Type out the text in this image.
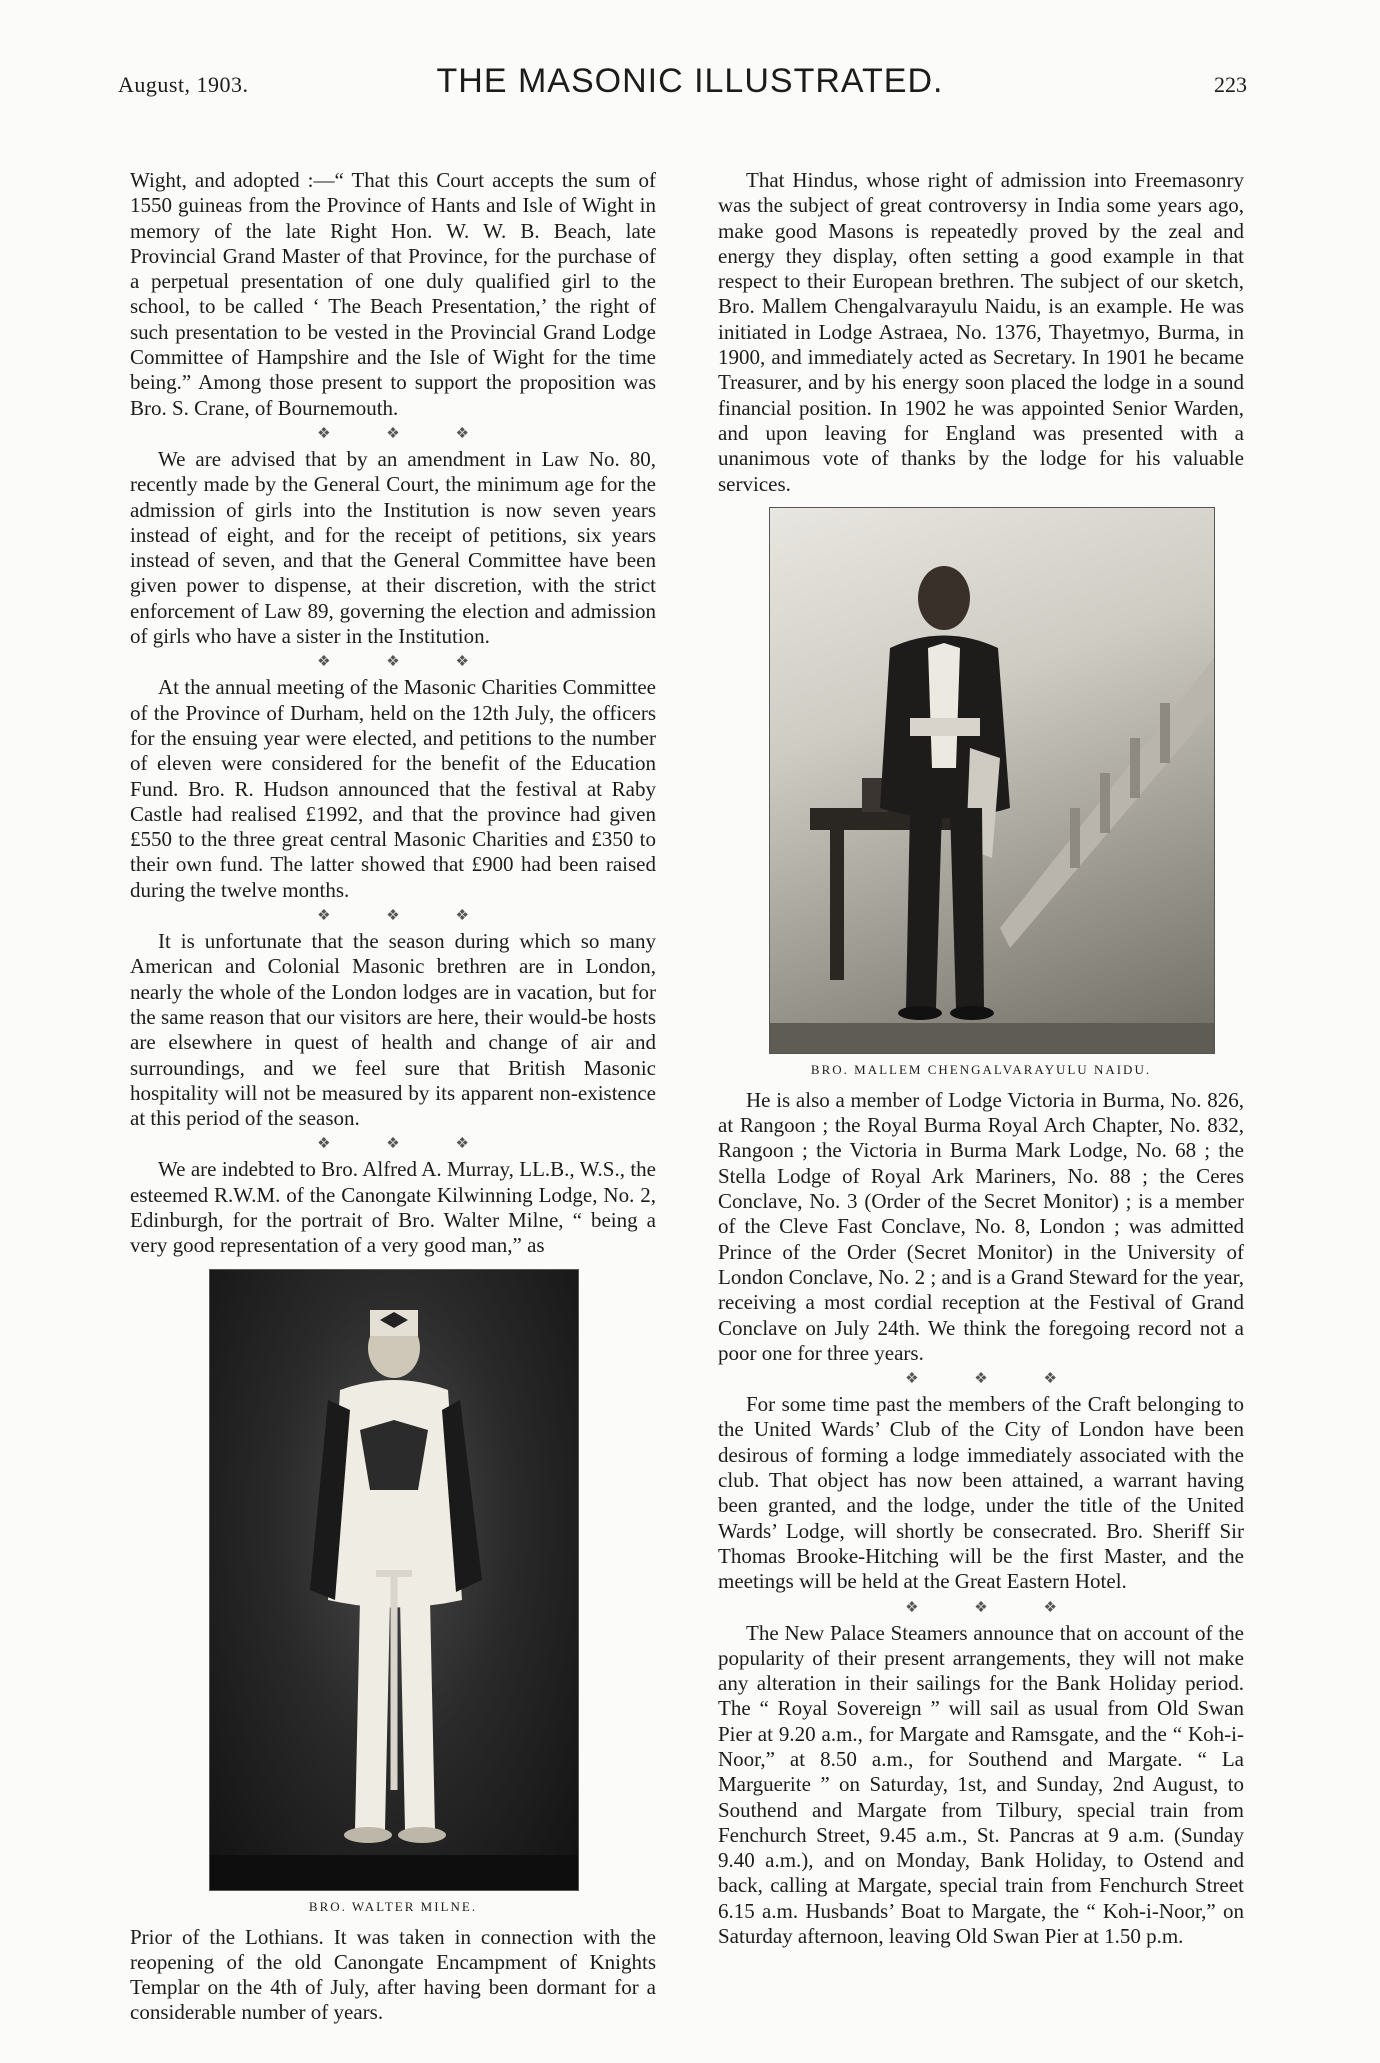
August, 1903.	THE MASONIC ILLUSTRATED.	223

Wight, and adopted :—“ That this Court accepts the sum of 1550 guineas from the Province of Hants and Isle of Wight in memory of the late Right Hon. W. W. B. Beach, late Provincial Grand Master of that Province, for the purchase of a perpetual presentation of one duly qualified girl to the school, to be called ‘ The Beach Presentation,’ the right of such presentation to be vested in the Provincial Grand Lodge Committee of Hampshire and the Isle of Wight for the time being.” Among those present to support the proposition was Bro. S. Crane, of Bournemouth.

❖ ❖ ❖

We are advised that by an amendment in Law No. 80, recently made by the General Court, the minimum age for the admission of girls into the Institution is now seven years instead of eight, and for the receipt of petitions, six years instead of seven, and that the General Committee have been given power to dispense, at their discretion, with the strict enforcement of Law 89, governing the election and admission of girls who have a sister in the Institution.

❖ ❖ ❖

At the annual meeting of the Masonic Charities Committee of the Province of Durham, held on the 12th July, the officers for the ensuing year were elected, and petitions to the number of eleven were considered for the benefit of the Education Fund. Bro. R. Hudson announced that the festival at Raby Castle had realised £1992, and that the province had given £550 to the three great central Masonic Charities and £350 to their own fund. The latter showed that £900 had been raised during the twelve months.

❖ ❖ ❖

It is unfortunate that the season during which so many American and Colonial Masonic brethren are in London, nearly the whole of the London lodges are in vacation, but for the same reason that our visitors are here, their would-be hosts are elsewhere in quest of health and change of air and surroundings, and we feel sure that British Masonic hospitality will not be measured by its apparent non-existence at this period of the season.

❖ ❖ ❖

We are indebted to Bro. Alfred A. Murray, LL.B., W.S., the esteemed R.W.M. of the Canongate Kilwinning Lodge, No. 2, Edinburgh, for the portrait of Bro. Walter Milne, “ being a very good representation of a very good man,” as

BRO. WALTER MILNE.

Prior of the Lothians. It was taken in connection with the reopening of the old Canongate Encampment of Knights Templar on the 4th of July, after having been dormant for a considerable number of years.

That Hindus, whose right of admission into Freemasonry was the subject of great controversy in India some years ago, make good Masons is repeatedly proved by the zeal and energy they display, often setting a good example in that respect to their European brethren. The subject of our sketch, Bro. Mallem Chengalvarayulu Naidu, is an example. He was initiated in Lodge Astraea, No. 1376, Thayetmyo, Burma, in 1900, and immediately acted as Secretary. In 1901 he became Treasurer, and by his energy soon placed the lodge in a sound financial position. In 1902 he was appointed Senior Warden, and upon leaving for England was presented with a unanimous vote of thanks by the lodge for his valuable services.

BRO. MALLEM CHENGALVARAYULU NAIDU.

He is also a member of Lodge Victoria in Burma, No. 826, at Rangoon ; the Royal Burma Royal Arch Chapter, No. 832, Rangoon ; the Victoria in Burma Mark Lodge, No. 68 ; the Stella Lodge of Royal Ark Mariners, No. 88 ; the Ceres Conclave, No. 3 (Order of the Secret Monitor) ; is a member of the Cleve Fast Conclave, No. 8, London ; was admitted Prince of the Order (Secret Monitor) in the University of London Conclave, No. 2 ; and is a Grand Steward for the year, receiving a most cordial reception at the Festival of Grand Conclave on July 24th. We think the foregoing record not a poor one for three years.

❖ ❖ ❖

For some time past the members of the Craft belonging to the United Wards’ Club of the City of London have been desirous of forming a lodge immediately associated with the club. That object has now been attained, a warrant having been granted, and the lodge, under the title of the United Wards’ Lodge, will shortly be consecrated. Bro. Sheriff Sir Thomas Brooke-Hitching will be the first Master, and the meetings will be held at the Great Eastern Hotel.

❖ ❖ ❖

The New Palace Steamers announce that on account of the popularity of their present arrangements, they will not make any alteration in their sailings for the Bank Holiday period. The “ Royal Sovereign ” will sail as usual from Old Swan Pier at 9.20 a.m., for Margate and Ramsgate, and the “ Koh-i-Noor,” at 8.50 a.m., for Southend and Margate. “ La Marguerite ” on Saturday, 1st, and Sunday, 2nd August, to Southend and Margate from Tilbury, special train from Fenchurch Street, 9.45 a.m., St. Pancras at 9 a.m. (Sunday 9.40 a.m.), and on Monday, Bank Holiday, to Ostend and back, calling at Margate, special train from Fenchurch Street 6.15 a.m. Husbands’ Boat to Margate, the “ Koh-i-Noor,” on Saturday afternoon, leaving Old Swan Pier at 1.50 p.m.
